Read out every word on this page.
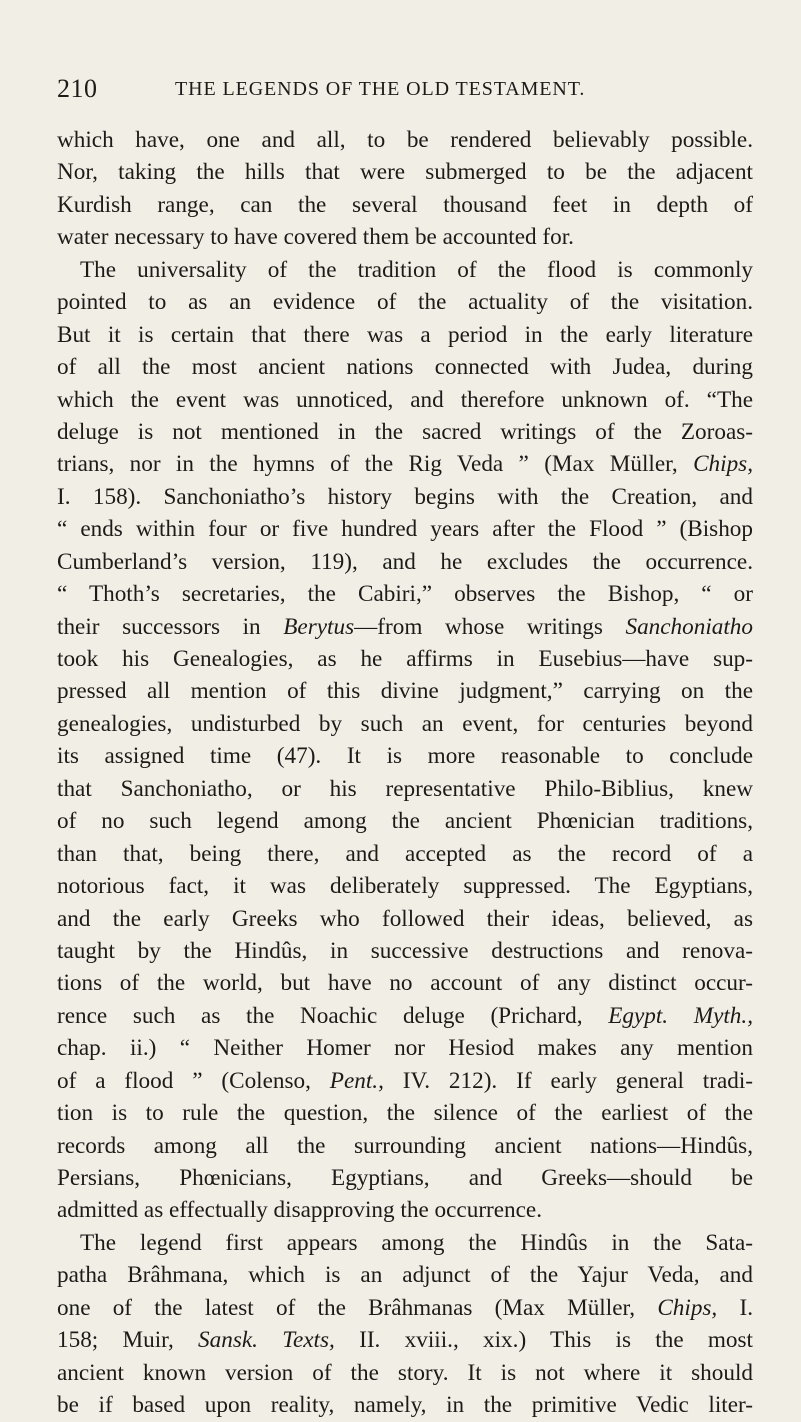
210	THE LEGENDS OF THE OLD TESTAMENT.
which have, one and all, to be rendered believably possible.
Nor, taking the hills that were submerged to be the adjacent
Kurdish range, can the several thousand feet in depth of
water necessary to have covered them be accounted for.
The universality of the tradition of the flood is commonly
pointed to as an evidence of the actuality of the visitation.
But it is certain that there was a period in the early literature
of all the most ancient nations connected with Judea, during
which the event was unnoticed, and therefore unknown of. “The
deluge is not mentioned in the sacred writings of the Zoroas-
trians, nor in the hymns of the Rig Veda ” (Max Müller, Chips,
I. 158). Sanchoniatho’s history begins with the Creation, and
“ ends within four or five hundred years after the Flood ” (Bishop
Cumberland’s version, 119), and he excludes the occurrence.
“ Thoth’s secretaries, the Cabiri,” observes the Bishop, “ or
their successors in Berytus—from whose writings Sanchoniatho
took his Genealogies, as he affirms in Eusebius—have sup-
pressed all mention of this divine judgment,” carrying on the
genealogies, undisturbed by such an event, for centuries beyond
its assigned time (47). It is more reasonable to conclude
that Sanchoniatho, or his representative Philo-Biblius, knew
of no such legend among the ancient Phœnician traditions,
than that, being there, and accepted as the record of a
notorious fact, it was deliberately suppressed. The Egyptians,
and the early Greeks who followed their ideas, believed, as
taught by the Hindûs, in successive destructions and renova-
tions of the world, but have no account of any distinct occur-
rence such as the Noachic deluge (Prichard, Egypt. Myth.,
chap. ii.) “ Neither Homer nor Hesiod makes any mention
of a flood ” (Colenso, Pent., IV. 212). If early general tradi-
tion is to rule the question, the silence of the earliest of the
records among all the surrounding ancient nations—Hindûs,
Persians, Phœnicians, Egyptians, and Greeks—should be
admitted as effectually disapproving the occurrence.
The legend first appears among the Hindûs in the Sata-
patha Brâhmana, which is an adjunct of the Yajur Veda, and
one of the latest of the Brâhmanas (Max Müller, Chips, I.
158; Muir, Sansk. Texts, II. xviii., xix.) This is the most
ancient known version of the story. It is not where it should
be if based upon reality, namely, in the primitive Vedic liter-
